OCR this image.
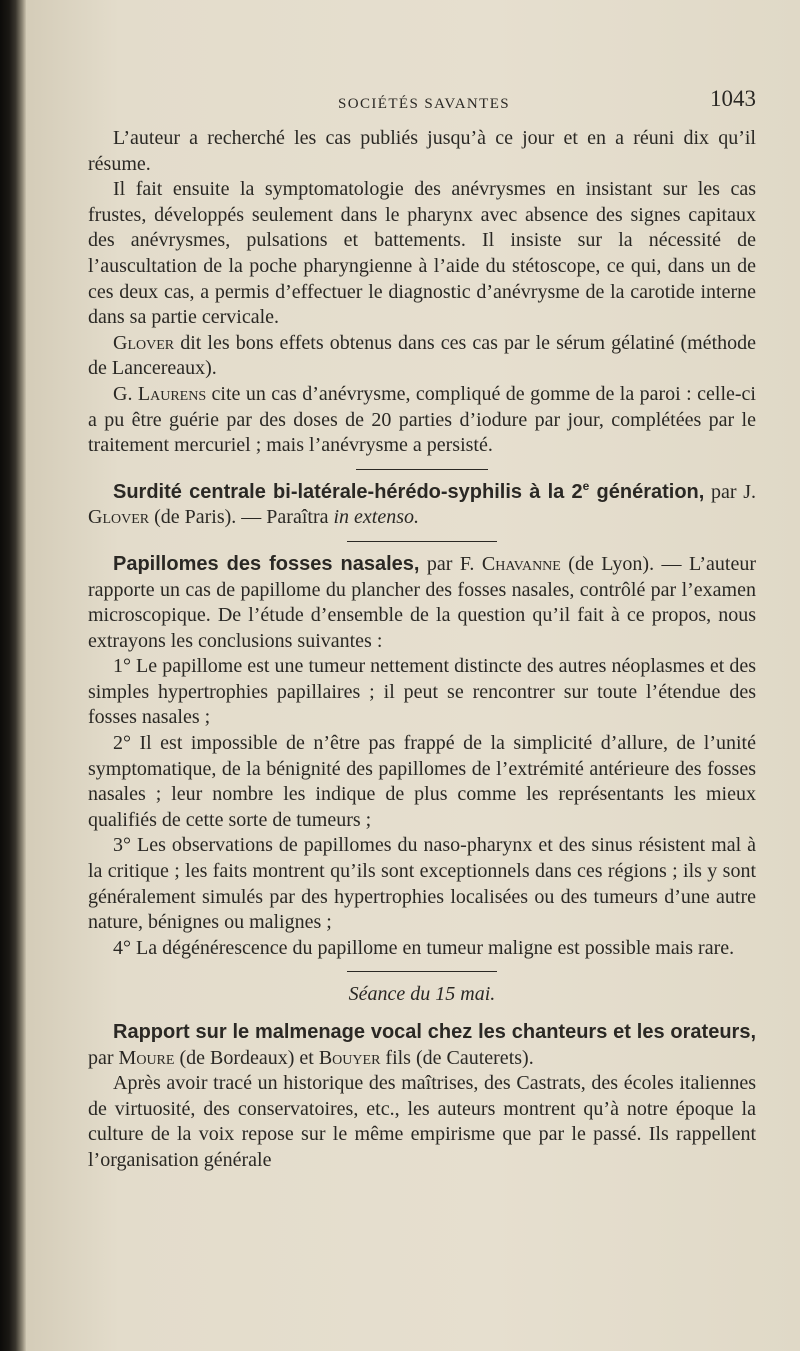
SOCIÉTÉS SAVANTES	1043

L’auteur a recherché les cas publiés jusqu’à ce jour et en a réuni dix qu’il résume.

Il fait ensuite la symptomatologie des anévrysmes en insistant sur les cas frustes, développés seulement dans le pharynx avec absence des signes capitaux des anévrysmes, pulsations et battements. Il insiste sur la nécessité de l’auscultation de la poche pharyngienne à l’aide du stétoscope, ce qui, dans un de ces deux cas, a permis d’effectuer le diagnostic d’anévrysme de la carotide interne dans sa partie cervicale.

Glover dit les bons effets obtenus dans ces cas par le sérum gélatiné (méthode de Lancereaux).

G. Laurens cite un cas d’anévrysme, compliqué de gomme de la paroi : celle-ci a pu être guérie par des doses de 20 parties d’iodure par jour, complétées par le traitement mercuriel ; mais l’anévrysme a persisté.

Surdité centrale bi-latérale-hérédo-syphilis à la 2e génération, par J. Glover (de Paris). — Paraîtra in extenso.

Papillomes des fosses nasales, par F. Chavanne (de Lyon). — L’auteur rapporte un cas de papillome du plancher des fosses nasales, contrôlé par l’examen microscopique. De l’étude d’ensemble de la question qu’il fait à ce propos, nous extrayons les conclusions suivantes :

1° Le papillome est une tumeur nettement distincte des autres néoplasmes et des simples hypertrophies papillaires ; il peut se rencontrer sur toute l’étendue des fosses nasales ;

2° Il est impossible de n’être pas frappé de la simplicité d’allure, de l’unité symptomatique, de la bénignité des papillomes de l’extrémité antérieure des fosses nasales ; leur nombre les indique de plus comme les représentants les mieux qualifiés de cette sorte de tumeurs ;

3° Les observations de papillomes du naso-pharynx et des sinus résistent mal à la critique ; les faits montrent qu’ils sont exceptionnels dans ces régions ; ils y sont généralement simulés par des hypertrophies localisées ou des tumeurs d’une autre nature, bénignes ou malignes ;

4° La dégénérescence du papillome en tumeur maligne est possible mais rare.

Séance du 15 mai.

Rapport sur le malmenage vocal chez les chanteurs et les orateurs, par Moure (de Bordeaux) et Bouyer fils (de Cauterets).

Après avoir tracé un historique des maîtrises, des Castrats, des écoles italiennes de virtuosité, des conservatoires, etc., les auteurs montrent qu’à notre époque la culture de la voix repose sur le même empirisme que par le passé. Ils rappellent l’organisation générale
